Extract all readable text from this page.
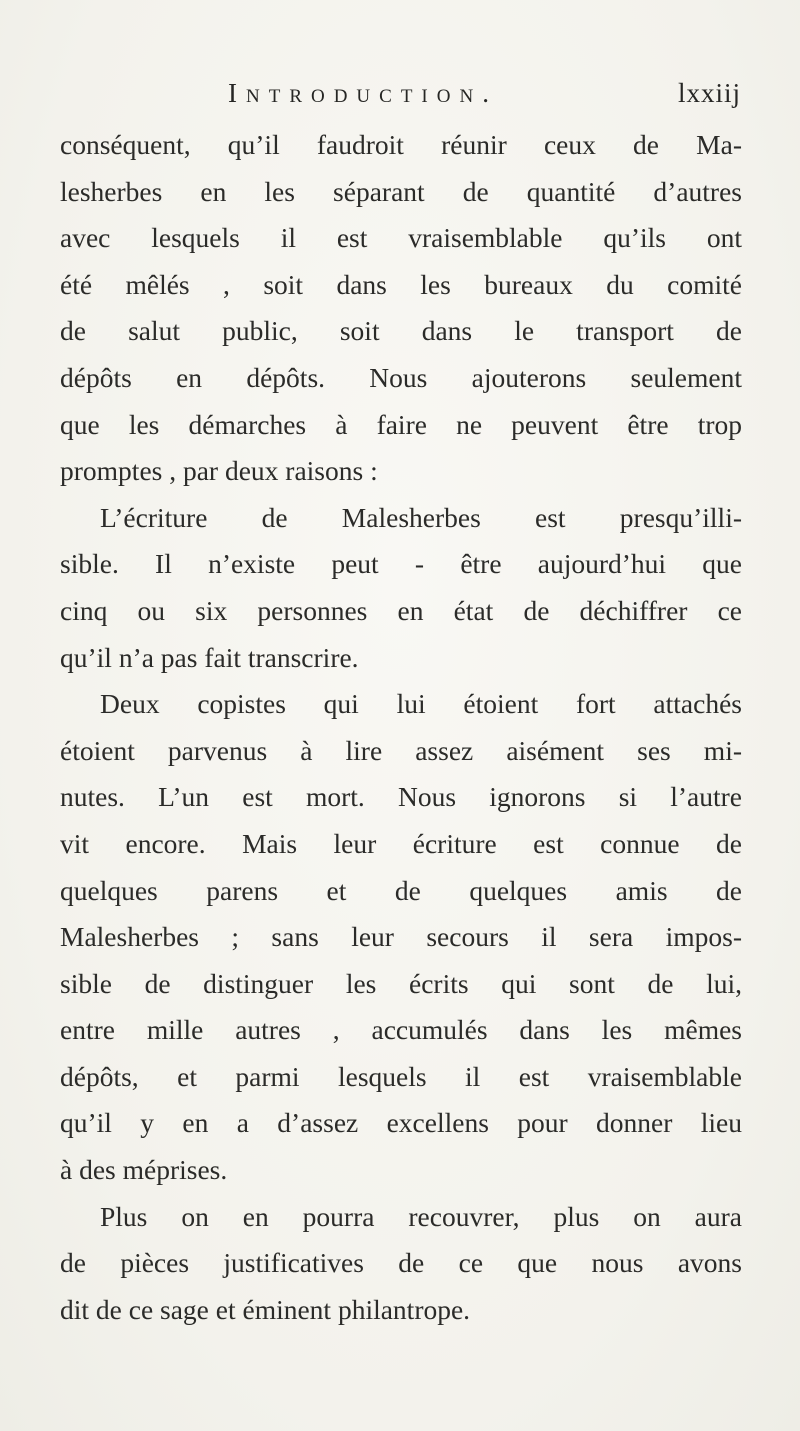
Introduction.	lxxiij
conséquent, qu’il faudroit réunir ceux de Ma-
lesherbes en les séparant de quantité d’autres
avec lesquels il est vraisemblable qu’ils ont
été mêlés , soit dans les bureaux du comité
de salut public, soit dans le transport de
dépôts en dépôts. Nous ajouterons seulement
que les démarches à faire ne peuvent être trop
promptes , par deux raisons :
L’écriture de Malesherbes est presqu’illi-
sible. Il n’existe peut - être aujourd’hui que
cinq ou six personnes en état de déchiffrer ce
qu’il n’a pas fait transcrire.
Deux copistes qui lui étoient fort attachés
étoient parvenus à lire assez aisément ses mi-
nutes. L’un est mort. Nous ignorons si l’autre
vit encore. Mais leur écriture est connue de
quelques parens et de quelques amis de
Malesherbes ; sans leur secours il sera impos-
sible de distinguer les écrits qui sont de lui,
entre mille autres , accumulés dans les mêmes
dépôts, et parmi lesquels il est vraisemblable
qu’il y en a d’assez excellens pour donner lieu
à des méprises.
Plus on en pourra recouvrer, plus on aura
de pièces justificatives de ce que nous avons
dit de ce sage et éminent philantrope.
